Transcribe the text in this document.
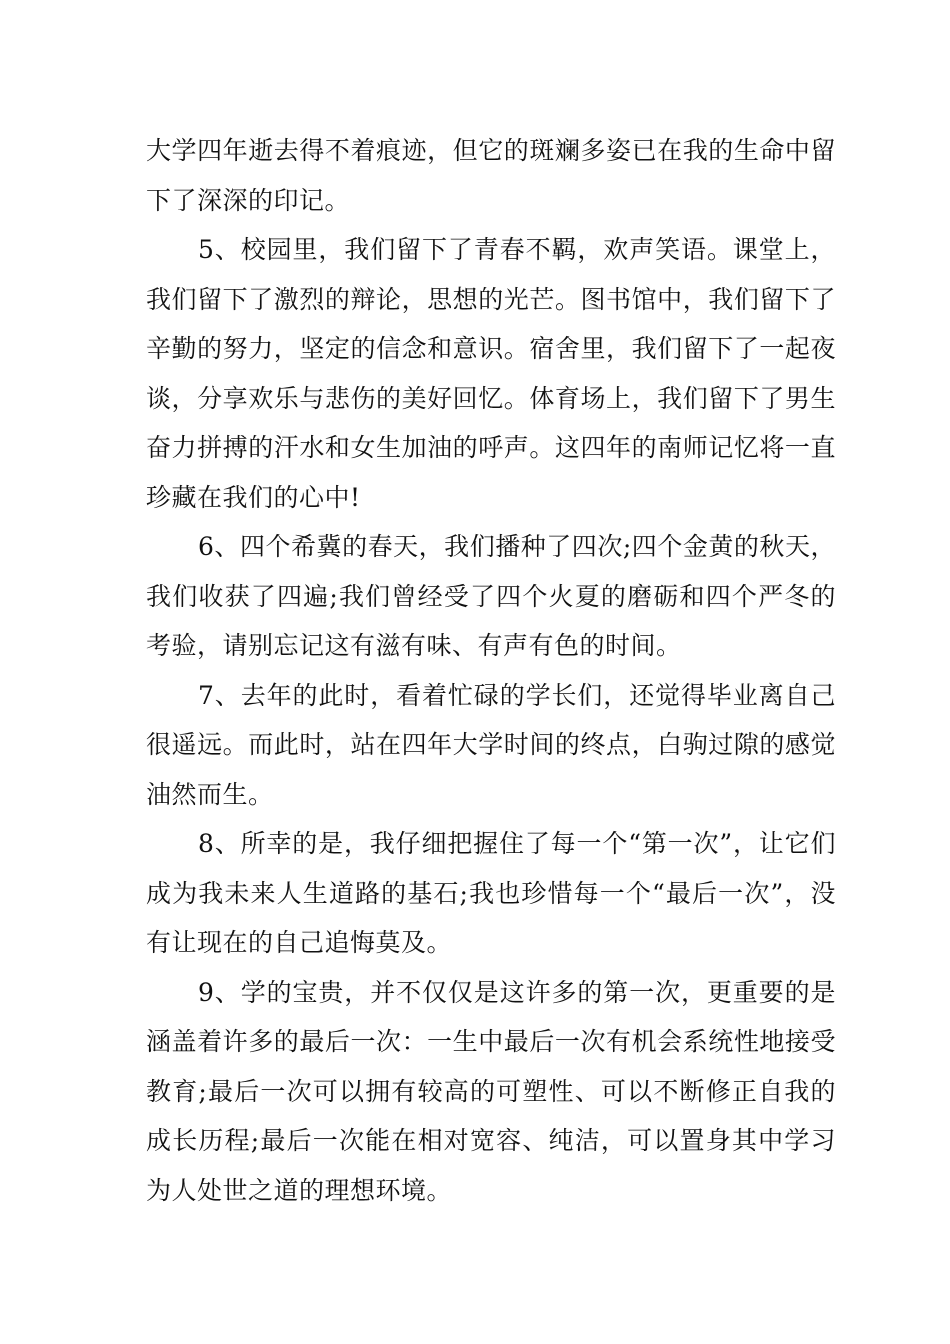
大学四年逝去得不着痕迹，但它的斑斓多姿已在我的生命中留下了深深的印记。

5、校园里，我们留下了青春不羁，欢声笑语。课堂上，我们留下了激烈的辩论，思想的光芒。图书馆中，我们留下了辛勤的努力，坚定的信念和意识。宿舍里，我们留下了一起夜谈，分享欢乐与悲伤的美好回忆。体育场上，我们留下了男生奋力拼搏的汗水和女生加油的呼声。这四年的南师记忆将一直珍藏在我们的心中!

6、四个希冀的春天，我们播种了四次;四个金黄的秋天，我们收获了四遍;我们曾经受了四个火夏的磨砺和四个严冬的考验，请别忘记这有滋有味、有声有色的时间。

7、去年的此时，看着忙碌的学长们，还觉得毕业离自己很遥远。而此时，站在四年大学时间的终点，白驹过隙的感觉油然而生。

8、所幸的是，我仔细把握住了每一个“第一次”，让它们成为我未来人生道路的基石;我也珍惜每一个“最后一次”，没有让现在的自己追悔莫及。

9、学的宝贵，并不仅仅是这许多的第一次，更重要的是涵盖着许多的最后一次：一生中最后一次有机会系统性地接受教育;最后一次可以拥有较高的可塑性、可以不断修正自我的成长历程;最后一次能在相对宽容、纯洁，可以置身其中学习为人处世之道的理想环境。
